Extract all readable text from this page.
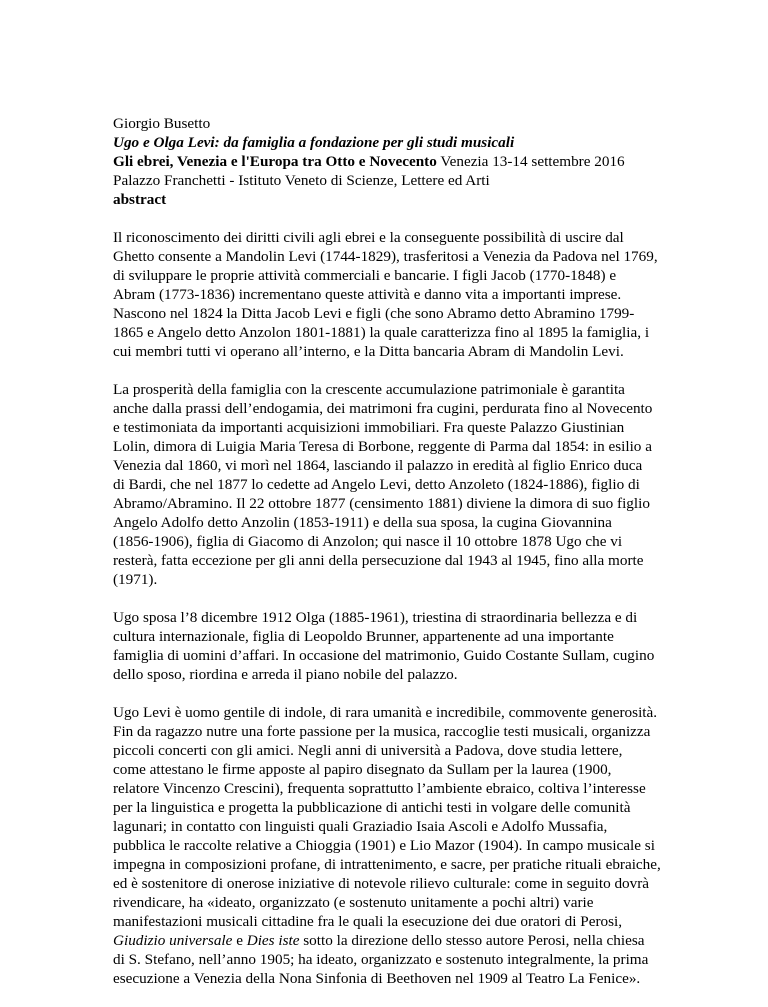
Giorgio Busetto
Ugo e Olga Levi: da famiglia a fondazione per gli studi musicali
Gli ebrei, Venezia e l'Europa tra Otto e Novecento Venezia 13-14 settembre 2016
Palazzo Franchetti - Istituto Veneto di Scienze, Lettere ed Arti
abstract
Il riconoscimento dei diritti civili agli ebrei e la conseguente possibilità di uscire dal
Ghetto consente a Mandolin Levi (1744-1829), trasferitosi a Venezia da Padova nel 1769,
di sviluppare le proprie attività commerciali e bancarie. I figli Jacob (1770-1848) e
Abram (1773-1836) incrementano queste attività e danno vita a importanti imprese.
Nascono nel 1824 la Ditta Jacob Levi e figli (che sono Abramo detto Abramino 1799-
1865 e Angelo detto Anzolon 1801-1881) la quale caratterizza fino al 1895 la famiglia, i
cui membri tutti vi operano all’interno, e la Ditta bancaria Abram di Mandolin Levi.
La prosperità della famiglia con la crescente accumulazione patrimoniale è garantita
anche dalla prassi dell’endogamia, dei matrimoni fra cugini, perdurata fino al Novecento
e testimoniata da importanti acquisizioni immobiliari. Fra queste Palazzo Giustinian
Lolin, dimora di Luigia Maria Teresa di Borbone, reggente di Parma dal 1854: in esilio a
Venezia dal 1860, vi morì nel 1864, lasciando il palazzo in eredità al figlio Enrico duca
di Bardi, che nel 1877 lo cedette ad Angelo Levi, detto Anzoleto (1824-1886), figlio di
Abramo/Abramino. Il 22 ottobre 1877 (censimento 1881) diviene la dimora di suo figlio
Angelo Adolfo detto Anzolin (1853-1911) e della sua sposa, la cugina Giovannina
(1856-1906), figlia di Giacomo di Anzolon; qui nasce il 10 ottobre 1878 Ugo che vi
resterà, fatta eccezione per gli anni della persecuzione dal 1943 al 1945, fino alla morte
(1971).
Ugo sposa l’8 dicembre 1912 Olga (1885-1961), triestina di straordinaria bellezza e di
cultura internazionale, figlia di Leopoldo Brunner, appartenente ad una importante
famiglia di uomini d’affari. In occasione del matrimonio, Guido Costante Sullam, cugino
dello sposo, riordina e arreda il piano nobile del palazzo.
Ugo Levi è uomo gentile di indole, di rara umanità e incredibile, commovente generosità.
Fin da ragazzo nutre una forte passione per la musica, raccoglie testi musicali, organizza
piccoli concerti con gli amici. Negli anni di università a Padova, dove studia lettere,
come attestano le firme apposte al papiro disegnato da Sullam per la laurea (1900,
relatore Vincenzo Crescini), frequenta soprattutto l’ambiente ebraico, coltiva l’interesse
per la linguistica e progetta la pubblicazione di antichi testi in volgare delle comunità
lagunari; in contatto con linguisti quali Graziadio Isaia Ascoli e Adolfo Mussafia,
pubblica le raccolte relative a Chioggia (1901) e Lio Mazor (1904). In campo musicale si
impegna in composizioni profane, di intrattenimento, e sacre, per pratiche rituali ebraiche,
ed è sostenitore di onerose iniziative di notevole rilievo culturale: come in seguito dovrà
rivendicare, ha «ideato, organizzato (e sostenuto unitamente a pochi altri) varie
manifestazioni musicali cittadine fra le quali la esecuzione dei due oratori di Perosi,
Giudizio universale e Dies iste sotto la direzione dello stesso autore Perosi, nella chiesa
di S. Stefano, nell’anno 1905; ha ideato, organizzato e sostenuto integralmente, la prima
esecuzione a Venezia della Nona Sinfonia di Beethoven nel 1909 al Teatro La Fenice».
